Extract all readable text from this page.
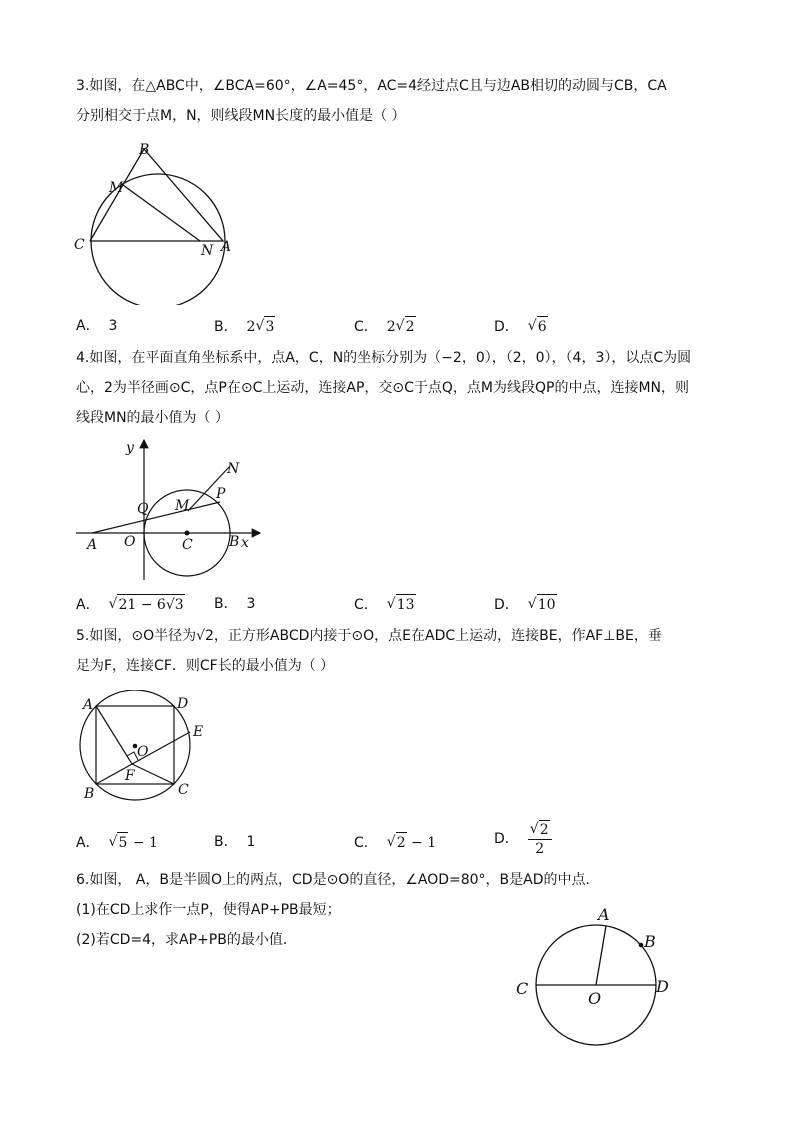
3.如图，在△ABC中，∠BCA=60°，∠A=45°，AC=4经过点C且与边AB相切的动圆与CB，CA
分别相交于点M，N，则线段MN长度的最小值是（ ）
B
M
C	N A
A． 3	B． 2 √ 3	C． 2 √ 2	D． √ 6
4.如图，在平面直角坐标系中，点A，C，N的坐标分别为（−2，0），（2，0），（4，3），以点C为圆
心，2为半径画⊙C，点P在⊙C上运动，连接AP，交⊙C于点Q，点M为线段QP的中点，连接MN，则
线段MN的最小值为（ ）
y
N
P
Q M
A O	C	B x
A． √ 21 − 6√3 B． 3	C． √ 13	D． √ 10
5.如图，⊙O半径为√2，正方形ABCD内接于⊙O，点E在ADC上运动，连接BE，作AF⊥BE，垂
足为F，连接CF．则CF长的最小值为（ ）
A	D
E
O
F
B	C
A． √ 5 − 1	B． 1	C． √ 2 − 1	D． √ $\frac{2}{2}$
6.如图， A，B是半圆O上的两点，CD是⊙O的直径，∠AOD=80°，B是AD的中点．
(1)在CD上求作一点P，使得AP+PB最短；
(2)若CD=4，求AP+PB的最小值．
A
B
C
O
D
